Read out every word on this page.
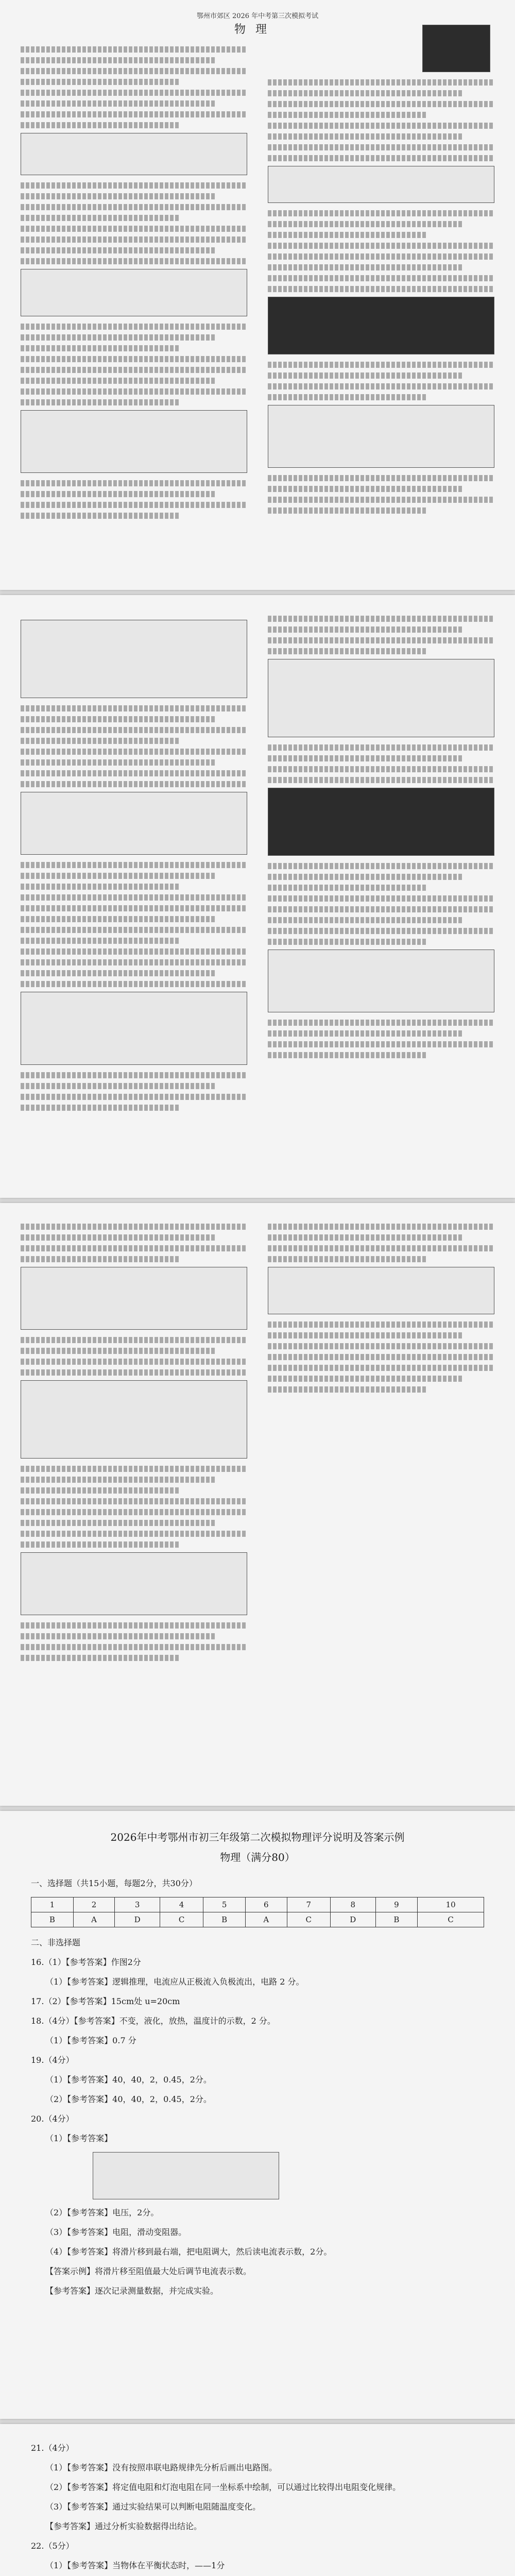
鄂州市郊区 2026 年中考第三次模拟考试
物 理
2026年中考鄂州市初三年级第二次模拟物理评分说明及答案示例
物理（满分80）
一、选择题（共15小题，每题2分，共30分）
1	2	3	4	5	6	7	8	9	10
B	A	D	C	B	A	C	D	B	C
二、非选择题
16.（1）【参考答案】作图2分
（1）【参考答案】逻辑推理，电流应从正极流入负极流出，电路 2 分。
17.（2）【参考答案】15cm处 u=20cm
18.（4分）【参考答案】不变，液化，放热，温度计的示数，2 分。
（1）【参考答案】0.7 分
19.（4分）
（1）【参考答案】40，40，2，0.45，2分。
（2）【参考答案】40，40，2，0.45，2分。
20.（4分）
（1）【参考答案】
（2）【参考答案】电压，2分。
（3）【参考答案】电阻，滑动变阻器。
（4）【参考答案】将滑片移到最右端，把电阻调大，然后读电流表示数，2分。
【答案示例】将滑片移至阻值最大处后调节电流表示数。
【参考答案】逐次记录测量数据，并完成实验。
21.（4分）
（1）【参考答案】没有按照串联电路规律先分析后画出电路图。
（2）【参考答案】将定值电阻和灯泡电阻在同一坐标系中绘制，可以通过比较得出电阻变化规律。
（3）【参考答案】通过实验结果可以判断电阻随温度变化。
【参考答案】通过分析实验数据得出结论。
22.（5分）
（1）【参考答案】当物体在平衡状态时，——1分
